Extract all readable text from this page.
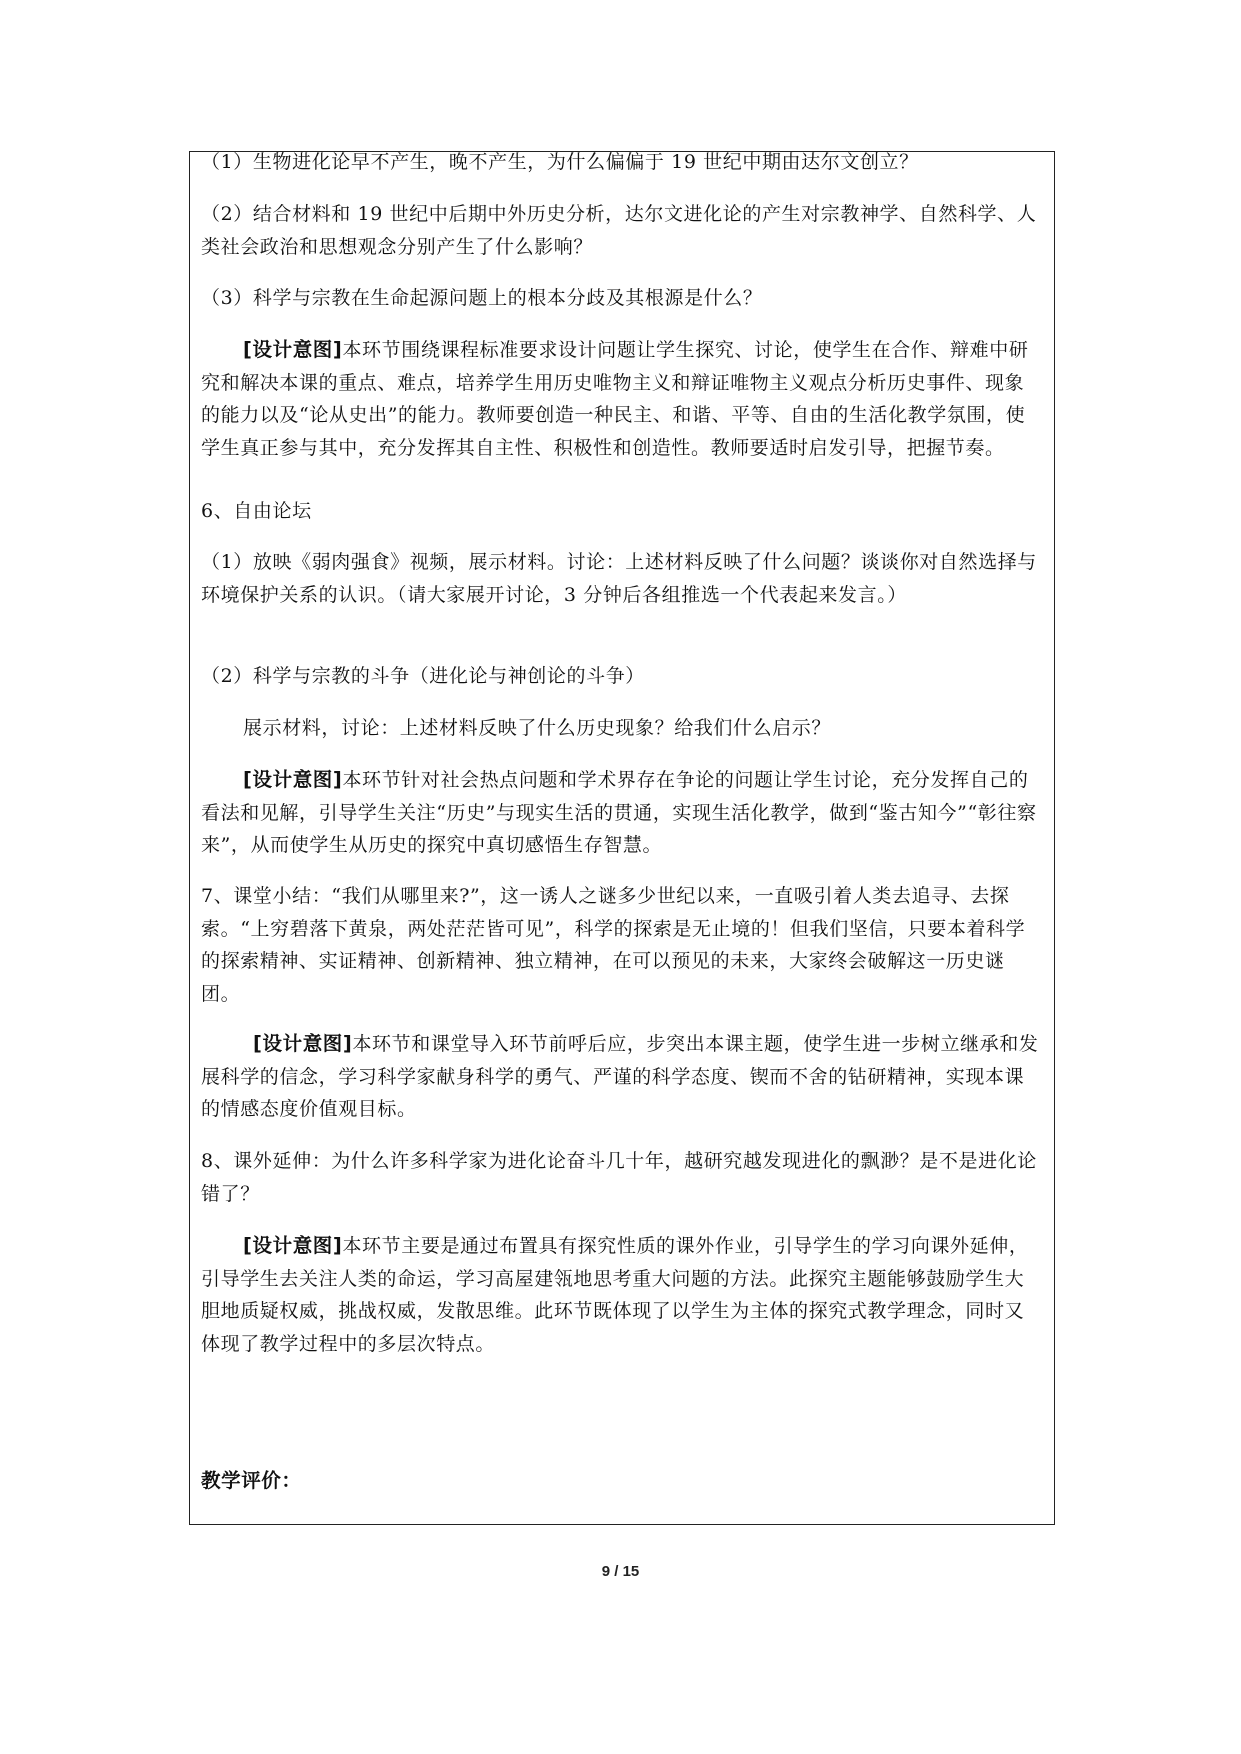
（1）生物进化论早不产生，晚不产生，为什么偏偏于 19 世纪中期由达尔文创立？

（2）结合材料和 19 世纪中后期中外历史分析，达尔文进化论的产生对宗教神学、自然科学、人类社会政治和思想观念分别产生了什么影响？

（3）科学与宗教在生命起源问题上的根本分歧及其根源是什么？

[设计意图]本环节围绕课程标准要求设计问题让学生探究、讨论，使学生在合作、辩难中研究和解决本课的重点、难点，培养学生用历史唯物主义和辩证唯物主义观点分析历史事件、现象的能力以及“论从史出”的能力。教师要创造一种民主、和谐、平等、自由的生活化教学氛围，使学生真正参与其中，充分发挥其自主性、积极性和创造性。教师要适时启发引导，把握节奏。

6、自由论坛

（1）放映《弱肉强食》视频，展示材料。讨论：上述材料反映了什么问题？谈谈你对自然选择与环境保护关系的认识。（请大家展开讨论，3 分钟后各组推选一个代表起来发言。）

（2）科学与宗教的斗争（进化论与神创论的斗争）

展示材料，讨论：上述材料反映了什么历史现象？给我们什么启示？

[设计意图]本环节针对社会热点问题和学术界存在争论的问题让学生讨论，充分发挥自己的看法和见解，引导学生关注“历史”与现实生活的贯通，实现生活化教学，做到“鉴古知今”“彰往察来”，从而使学生从历史的探究中真切感悟生存智慧。

7、课堂小结：“我们从哪里来?”，这一诱人之谜多少世纪以来，一直吸引着人类去追寻、去探索。“上穷碧落下黄泉，两处茫茫皆可见”，科学的探索是无止境的！但我们坚信，只要本着科学的探索精神、实证精神、创新精神、独立精神，在可以预见的未来，大家终会破解这一历史谜团。

[设计意图]本环节和课堂导入环节前呼后应，步突出本课主题，使学生进一步树立继承和发展科学的信念，学习科学家献身科学的勇气、严谨的科学态度、锲而不舍的钻研精神，实现本课的情感态度价值观目标。

8、课外延伸：为什么许多科学家为进化论奋斗几十年，越研究越发现进化的飘渺？是不是进化论错了？

[设计意图]本环节主要是通过布置具有探究性质的课外作业，引导学生的学习向课外延伸，引导学生去关注人类的命运，学习高屋建瓴地思考重大问题的方法。此探究主题能够鼓励学生大胆地质疑权威，挑战权威，发散思维。此环节既体现了以学生为主体的探究式教学理念，同时又体现了教学过程中的多层次特点。

教学评价：

9 / 15
